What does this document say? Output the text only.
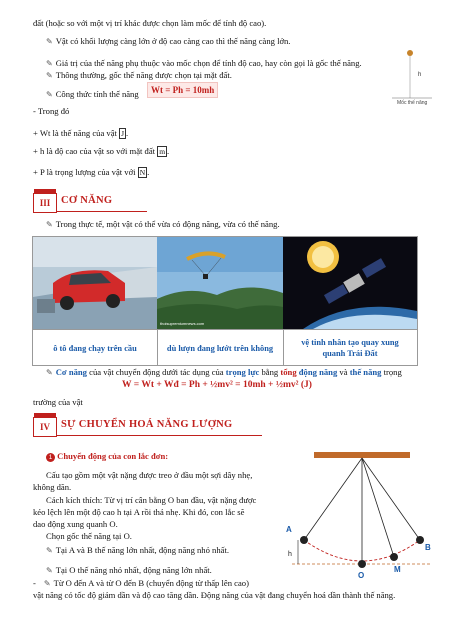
đất (hoặc so với một vị trí khác được chọn làm mốc để tính độ cao).
✎ Vật có khối lượng càng lớn ở độ cao càng cao thì thế năng càng lớn.
✎ Giá trị của thế năng phụ thuộc vào mốc chọn để tính độ cao, hay còn gọi là gốc thế năng.
✎ Thông thường, gốc thế năng được chọn tại mặt đất.
✎ Công thức tính thế năng	Wt = Ph = 10mh
- Trong đó
+ Wt là thế năng của vật J .
+ h là độ cao của vật so với mặt đất m .
+ P là trọng lượng của vật với N .
h
Mốc thế năng
III	CƠ NĂNG
✎ Trong thực tế, một vật có thể vừa có động năng, vừa có thế năng.
thoisupremiumnews.com
ô tô đang chạy trên cầu	dù lượn đang lướt trên không
vệ tinh nhân tạo quay xung quanh Trái Đất
✎ Cơ năng của vật chuyển động dưới tác dụng của trọng lực bằng tổng động năng và thế năng trọng
trường của vật
W = Wt + Wđ = Ph + ½mv² = 10mh + ½mv² (J)
IV	SỰ CHUYỂN HOÁ NĂNG LƯỢNG
1 Chuyển động của con lắc đơn:
Cấu tạo gồm một vật nặng được treo ở đầu một sợi dây nhẹ,
không dãn.
Cách kích thích: Từ vị trí cân bằng O ban đầu, vật nặng được
kéo lệch lên một độ cao h tại A rồi thả nhẹ. Khi đó, con lắc sẽ
dao động xung quanh O.
Chọn gốc thế năng tại O.
✎ Tại A và B thế năng lớn nhất, động năng nhỏ nhất.
✎ Tại O thế năng nhỏ nhất, động năng lớn nhất.
- ✎ Từ O đến A và từ O đến B (chuyển động từ thấp lên cao)
vật năng có tốc độ giảm dần và độ cao tăng dần. Động năng của vật đang chuyển hoá dần thành thế năng.
A
B
O
M
h
